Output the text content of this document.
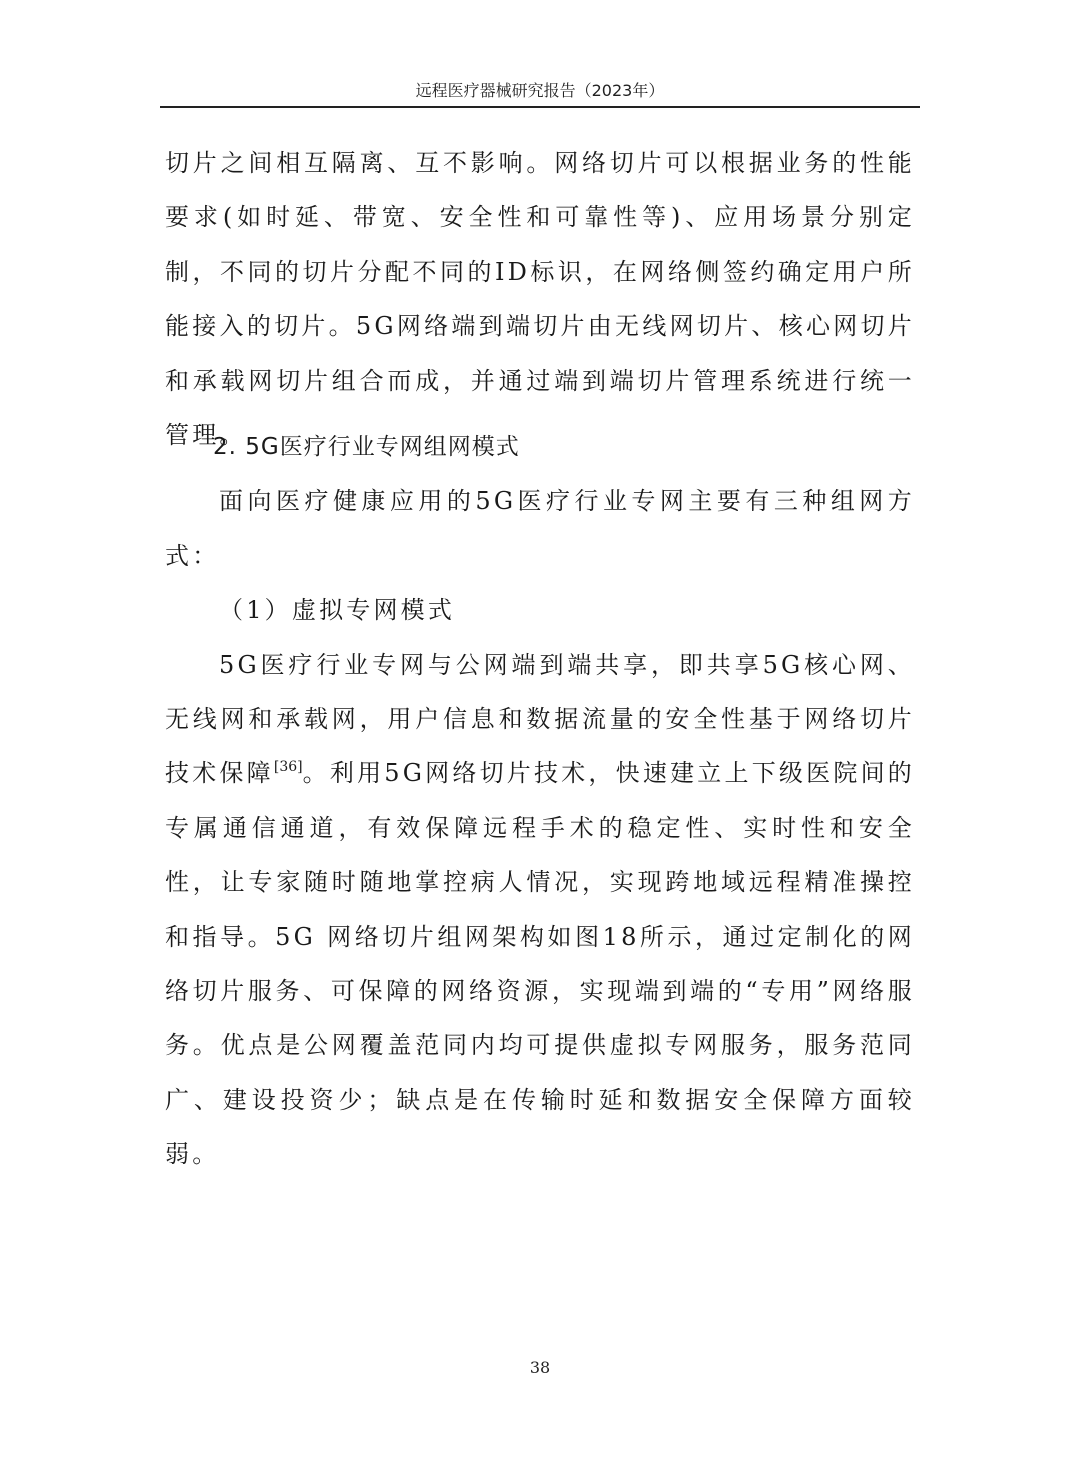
远程医疗器械研究报告（2023年）

切片之间相互隔离、互不影响。网络切片可以根据业务的性能要求(如时延、带宽、安全性和可靠性等)、应用场景分别定制，不同的切片分配不同的ID标识，在网络侧签约确定用户所能接入的切片。5G网络端到端切片由无线网切片、核心网切片和承载网切片组合而成，并通过端到端切片管理系统进行统一管理。

2. 5G医疗行业专网组网模式

面向医疗健康应用的5G医疗行业专网主要有三种组网方式：

（1）虚拟专网模式

5G医疗行业专网与公网端到端共享，即共享5G核心网、无线网和承载网，用户信息和数据流量的安全性基于网络切片技术保障[36]。利用5G网络切片技术，快速建立上下级医院间的专属通信通道，有效保障远程手术的稳定性、实时性和安全性，让专家随时随地掌控病人情况，实现跨地域远程精准操控和指导。5G 网络切片组网架构如图18所示，通过定制化的网络切片服务、可保障的网络资源，实现端到端的“专用”网络服务。优点是公网覆盖范同内均可提供虚拟专网服务，服务范同广、建设投资少；缺点是在传输时延和数据安全保障方面较弱。

38
